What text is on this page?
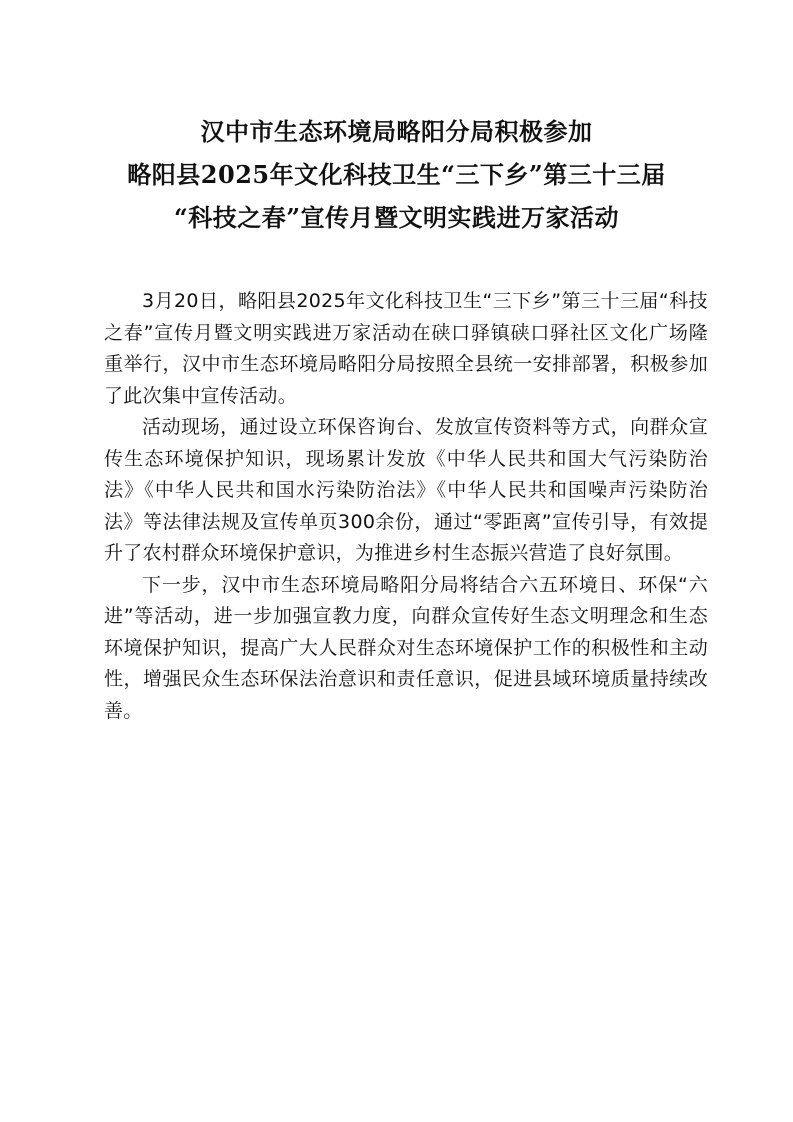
汉中市生态环境局略阳分局积极参加
略阳县2025年文化科技卫生“三下乡”第三十三届
“科技之春”宣传月暨文明实践进万家活动

3月20日，略阳县2025年文化科技卫生“三下乡”第三十三届“科技之春”宣传月暨文明实践进万家活动在硖口驿镇硖口驿社区文化广场隆重举行，汉中市生态环境局略阳分局按照全县统一安排部署，积极参加了此次集中宣传活动。

活动现场，通过设立环保咨询台、发放宣传资料等方式，向群众宣传生态环境保护知识，现场累计发放《中华人民共和国大气污染防治法》《中华人民共和国水污染防治法》《中华人民共和国噪声污染防治法》等法律法规及宣传单页300余份，通过“零距离”宣传引导，有效提升了农村群众环境保护意识，为推进乡村生态振兴营造了良好氛围。

下一步，汉中市生态环境局略阳分局将结合六五环境日、环保“六进”等活动，进一步加强宣教力度，向群众宣传好生态文明理念和生态环境保护知识，提高广大人民群众对生态环境保护工作的积极性和主动性，增强民众生态环保法治意识和责任意识，促进县域环境质量持续改善。
